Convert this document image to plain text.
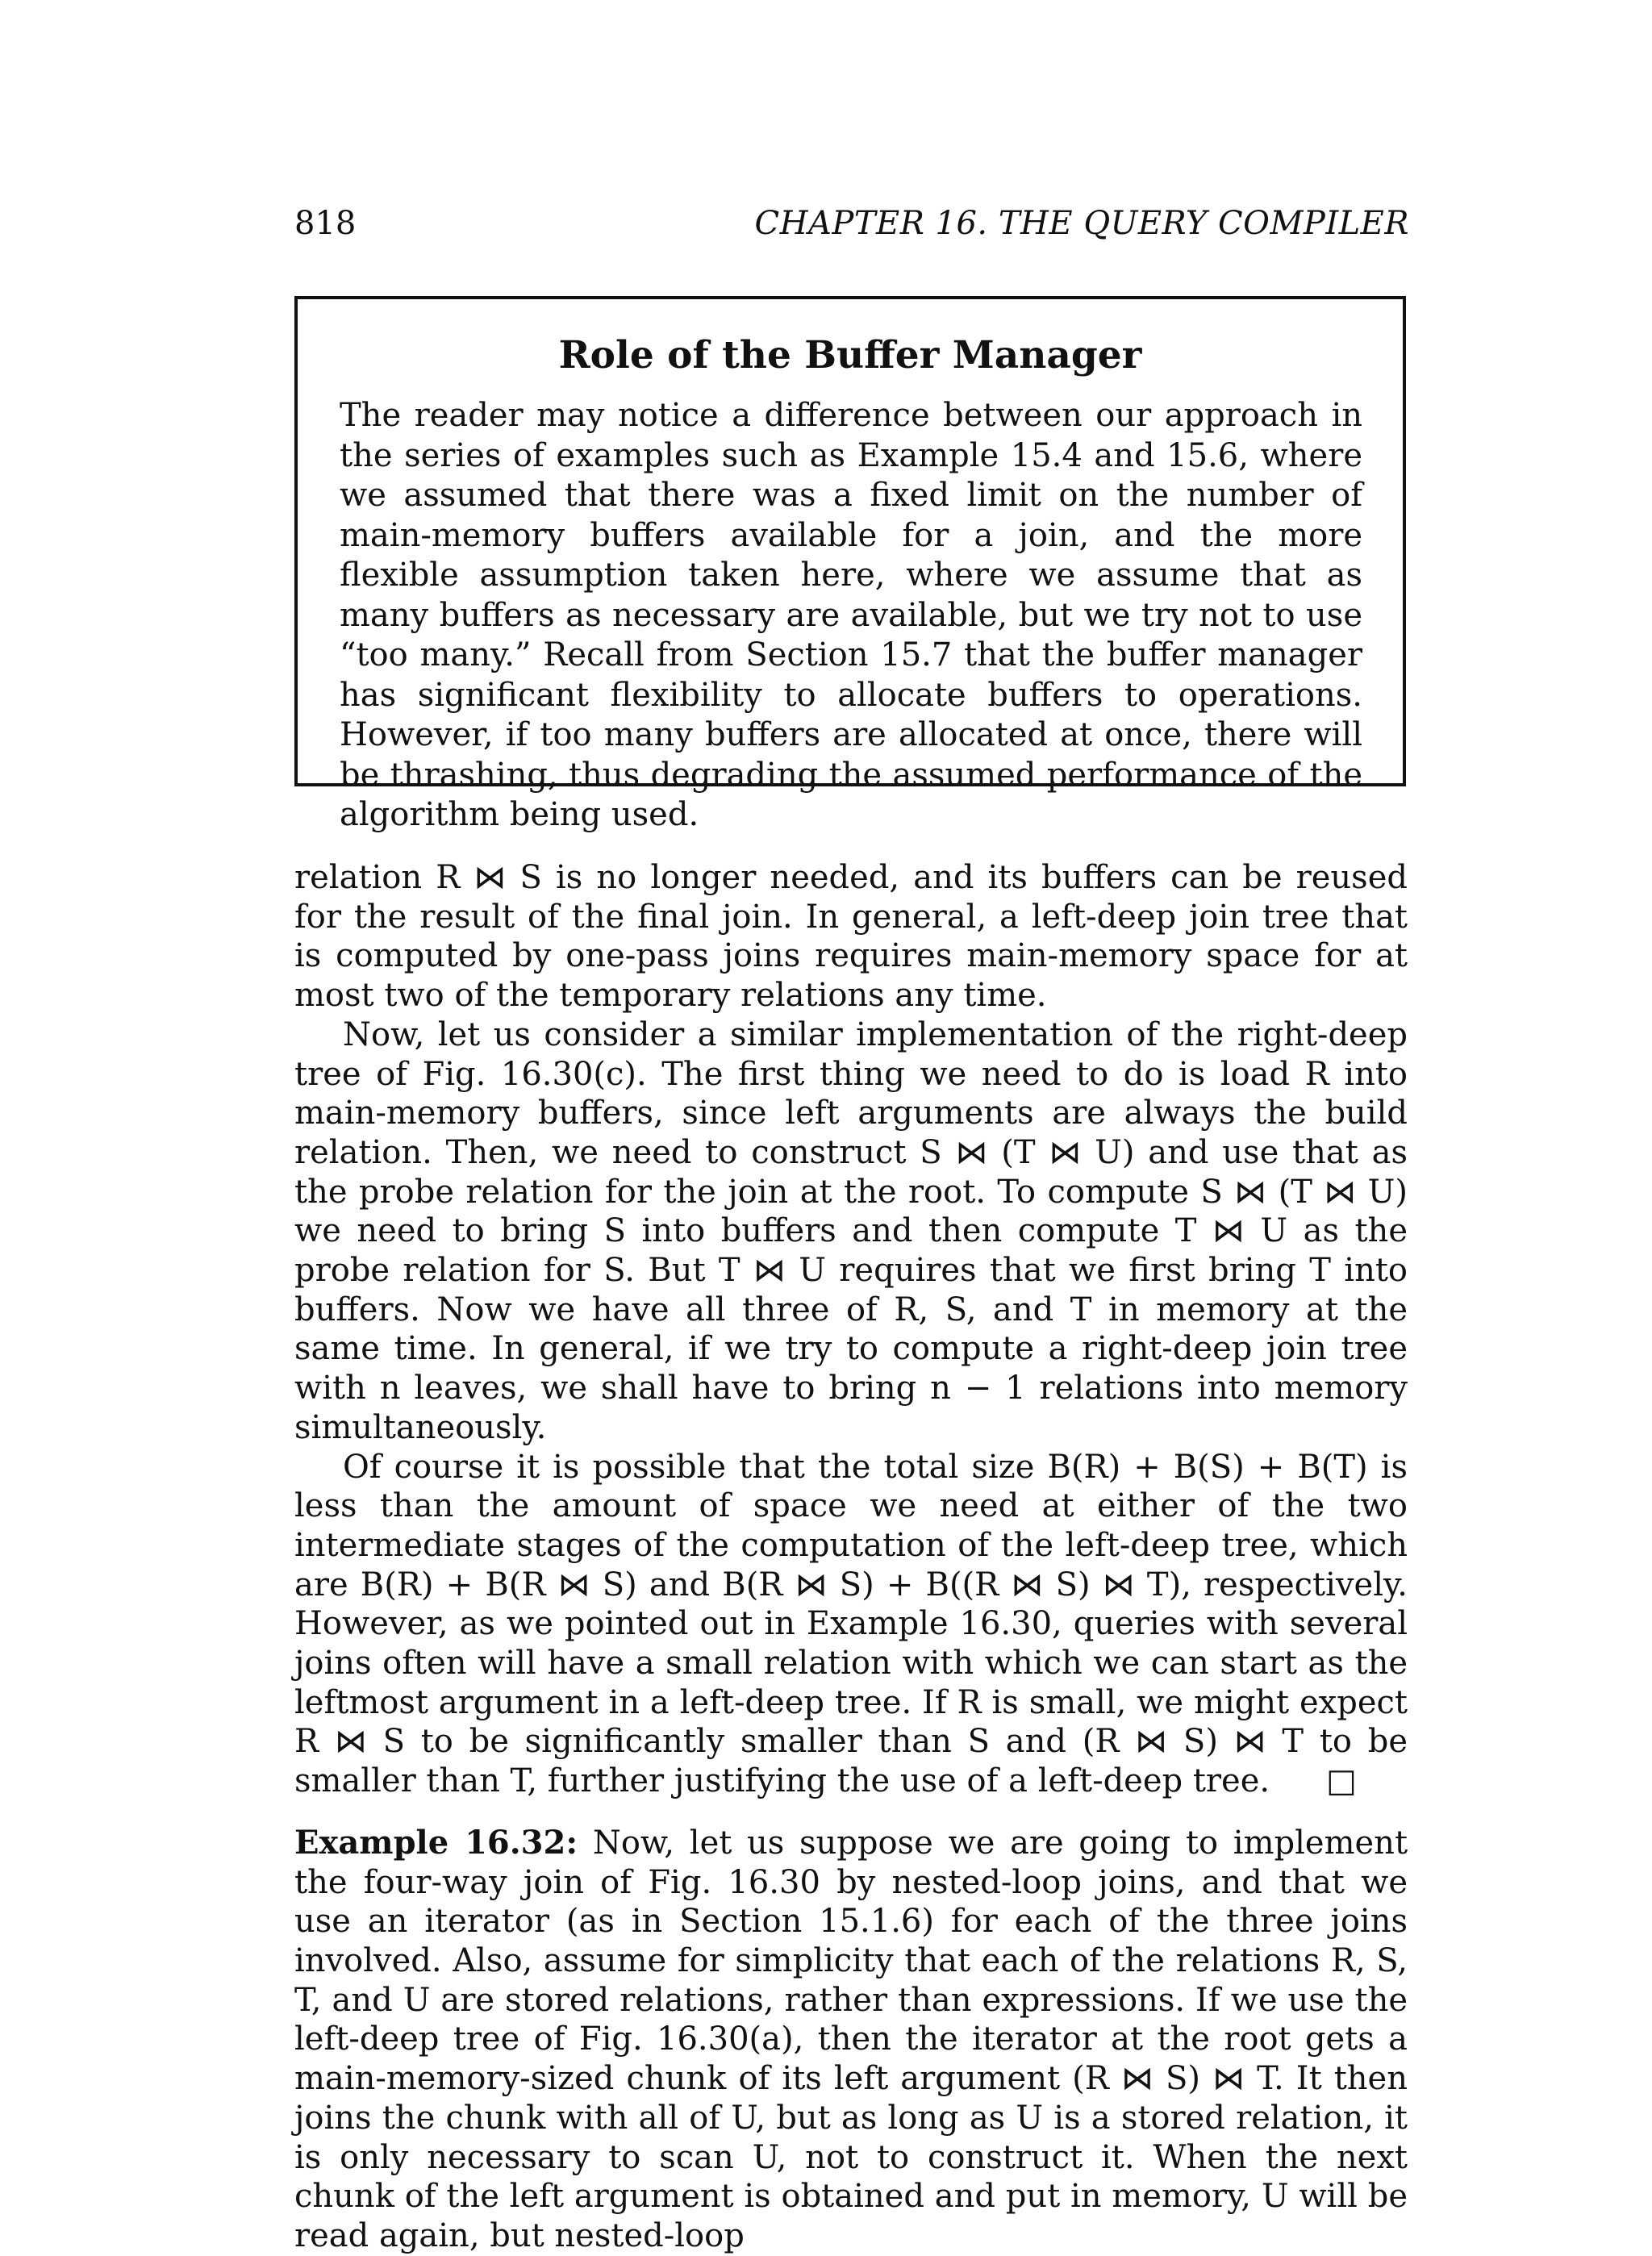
818	CHAPTER 16. THE QUERY COMPILER
Role of the Buffer Manager
The reader may notice a difference between our approach in the series of examples such as Example 15.4 and 15.6, where we assumed that there was a fixed limit on the number of main-memory buffers available for a join, and the more flexible assumption taken here, where we assume that as many buffers as necessary are available, but we try not to use “too many.” Recall from Section 15.7 that the buffer manager has significant flexibility to allocate buffers to operations. However, if too many buffers are allocated at once, there will be thrashing, thus degrading the assumed performance of the algorithm being used.

relation R ⋈ S is no longer needed, and its buffers can be reused for the result of the final join. In general, a left-deep join tree that is computed by one-pass joins requires main-memory space for at most two of the temporary relations any time.

Now, let us consider a similar implementation of the right-deep tree of Fig. 16.30(c). The first thing we need to do is load R into main-memory buffers, since left arguments are always the build relation. Then, we need to construct S ⋈ (T ⋈ U) and use that as the probe relation for the join at the root. To compute S ⋈ (T ⋈ U) we need to bring S into buffers and then compute T ⋈ U as the probe relation for S. But T ⋈ U requires that we first bring T into buffers. Now we have all three of R, S, and T in memory at the same time. In general, if we try to compute a right-deep join tree with n leaves, we shall have to bring n − 1 relations into memory simultaneously.

Of course it is possible that the total size B(R) + B(S) + B(T) is less than the amount of space we need at either of the two intermediate stages of the computation of the left-deep tree, which are B(R) + B(R ⋈ S) and B(R ⋈ S) + B((R ⋈ S) ⋈ T), respectively. However, as we pointed out in Example 16.30, queries with several joins often will have a small relation with which we can start as the leftmost argument in a left-deep tree. If R is small, we might expect R ⋈ S to be significantly smaller than S and (R ⋈ S) ⋈ T to be smaller than T, further justifying the use of a left-deep tree. □

Example 16.32: Now, let us suppose we are going to implement the four-way join of Fig. 16.30 by nested-loop joins, and that we use an iterator (as in Section 15.1.6) for each of the three joins involved. Also, assume for simplicity that each of the relations R, S, T, and U are stored relations, rather than expressions. If we use the left-deep tree of Fig. 16.30(a), then the iterator at the root gets a main-memory-sized chunk of its left argument (R ⋈ S) ⋈ T. It then joins the chunk with all of U, but as long as U is a stored relation, it is only necessary to scan U, not to construct it. When the next chunk of the left argument is obtained and put in memory, U will be read again, but nested-loop
